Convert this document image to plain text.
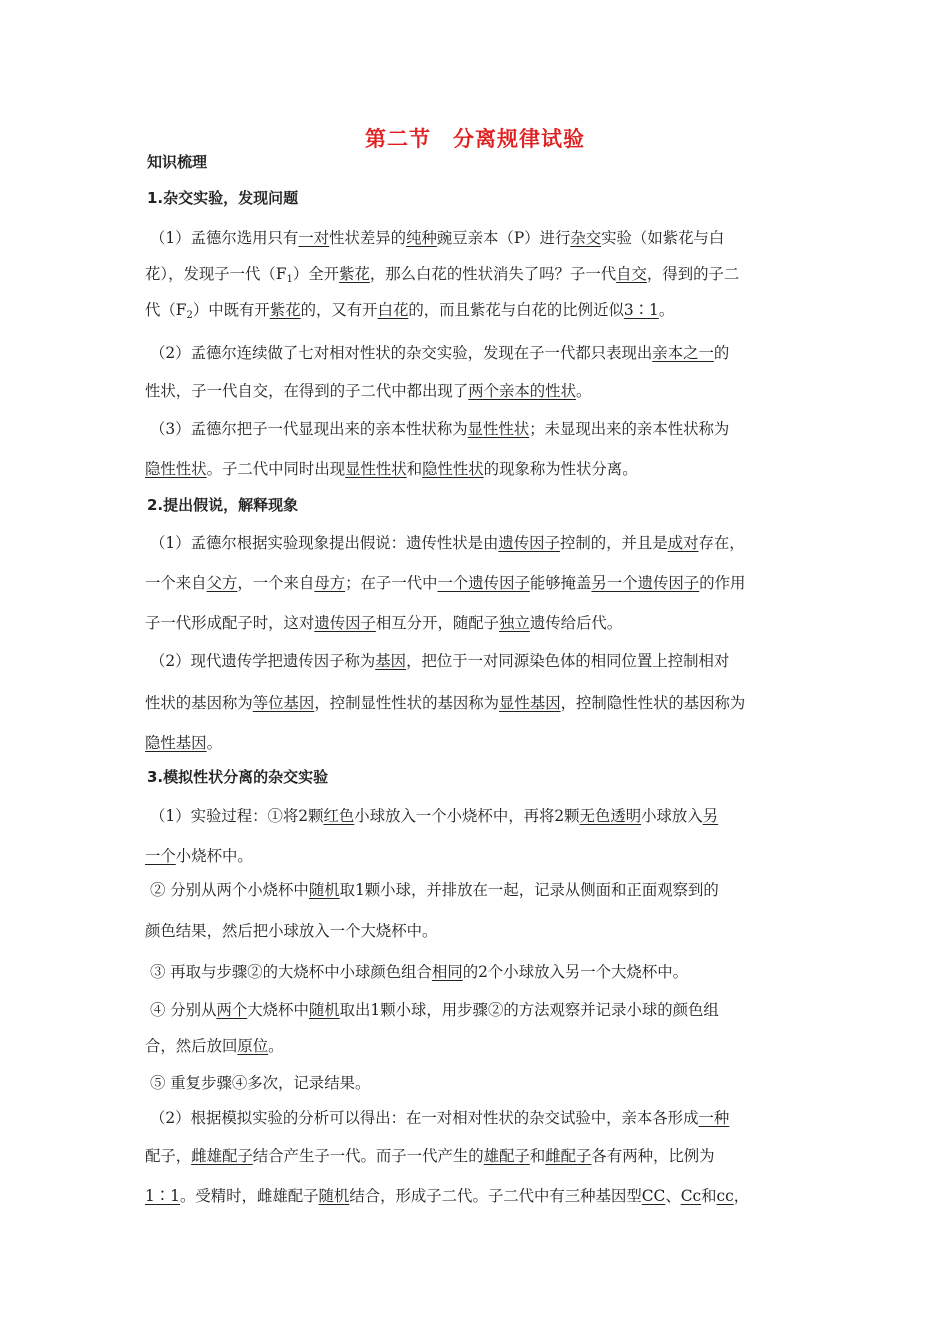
第二节　分离规律试验
知识梳理
1.杂交实验，发现问题
2.提出假说，解释现象
3.模拟性状分离的杂交实验
（1）孟德尔选用只有一对性状差异的纯种豌豆亲本（P）进行杂交实验（如紫花与白
花），发现子一代$(F_1)$全开紫花，那么白花的性状消失了吗？子一代自交，得到的子二
代$(F_2)$中既有开紫花的，又有开白花的，而且紫花与白花的比例近似3∶1。
（2）孟德尔连续做了七对相对性状的杂交实验，发现在子一代都只表现出亲本之一的
性状，子一代自交，在得到的子二代中都出现了两个亲本的性状。
（3）孟德尔把子一代显现出来的亲本性状称为显性性状；未显现出来的亲本性状称为
隐性性状。子二代中同时出现显性性状和隐性性状的现象称为性状分离。
（1）孟德尔根据实验现象提出假说：遗传性状是由遗传因子控制的，并且是成对存在，
一个来自父方，一个来自母方；在子一代中一个遗传因子能够掩盖另一个遗传因子的作用
子一代形成配子时，这对遗传因子相互分开，随配子独立遗传给后代。
（2）现代遗传学把遗传因子称为基因，把位于一对同源染色体的相同位置上控制相对
性状的基因称为等位基因，控制显性性状的基因称为显性基因，控制隐性性状的基因称为
隐性基因。
（1）实验过程：①将2颗红色小球放入一个小烧杯中，再将2颗无色透明小球放入另
一个小烧杯中。
② 分别从两个小烧杯中随机取1颗小球，并排放在一起，记录从侧面和正面观察到的
颜色结果，然后把小球放入一个大烧杯中。
③ 再取与步骤②的大烧杯中小球颜色组合相同的2个小球放入另一个大烧杯中。
④ 分别从两个大烧杯中随机取出1颗小球，用步骤②的方法观察并记录小球的颜色组
合，然后放回原位。
⑤ 重复步骤④多次，记录结果。
（2）根据模拟实验的分析可以得出：在一对相对性状的杂交试验中，亲本各形成一种
配子，雌雄配子结合产生子一代。而子一代产生的雄配子和雌配子各有两种，比例为
1∶1。受精时，雌雄配子随机结合，形成子二代。子二代中有三种基因型CC、Cc和cc，
